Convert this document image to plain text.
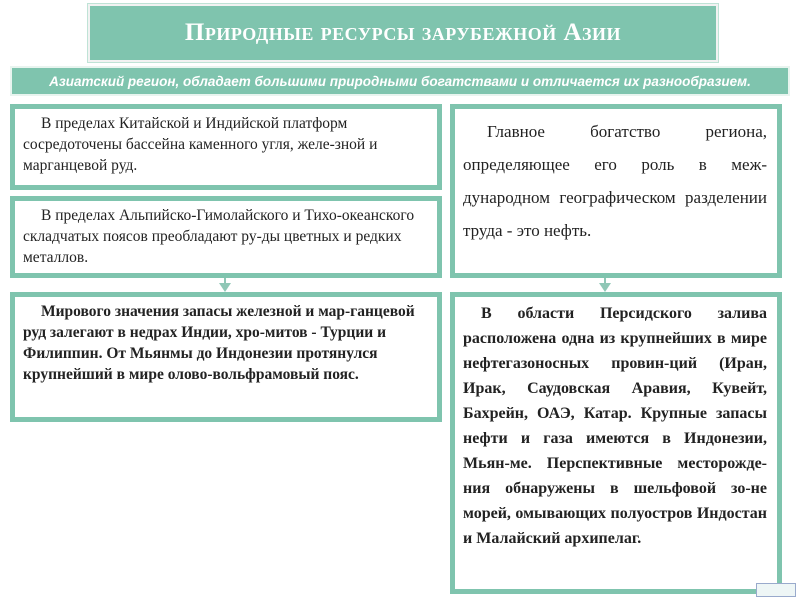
Природные ресурсы зарубежной Азии
Азиатский регион, обладает большими природными богатствами и отличается их разнообразием.

В пределах Китайской и Индийской платформ сосредоточены бассейна каменного угля, желе-зной и марганцевой руд.

В пределах Альпийско-Гимолайского и Тихо-океанского складчатых поясов преобладают ру-ды цветных и редких металлов.

Главное богатство региона, определяющее его роль в меж-дународном географическом разделении труда - это нефть.

Мирового значения запасы железной и мар-ганцевой руд залегают в недрах Индии, хро-митов - Турции и Филиппин. От Мьянмы до Индонезии протянулся крупнейший в мире олово-вольфрамовый пояс.

В области Персидского залива расположена одна из крупнейших в мире нефтегазоносных провин-ций (Иран, Ирак, Саудовская Аравия, Кувейт, Бахрейн, ОАЭ, Катар. Крупные запасы нефти и газа имеются в Индонезии, Мьян-ме. Перспективные месторожде-ния обнаружены в шельфовой зо-не морей, омывающих полуостров Индостан и Малайский архипелаг.
